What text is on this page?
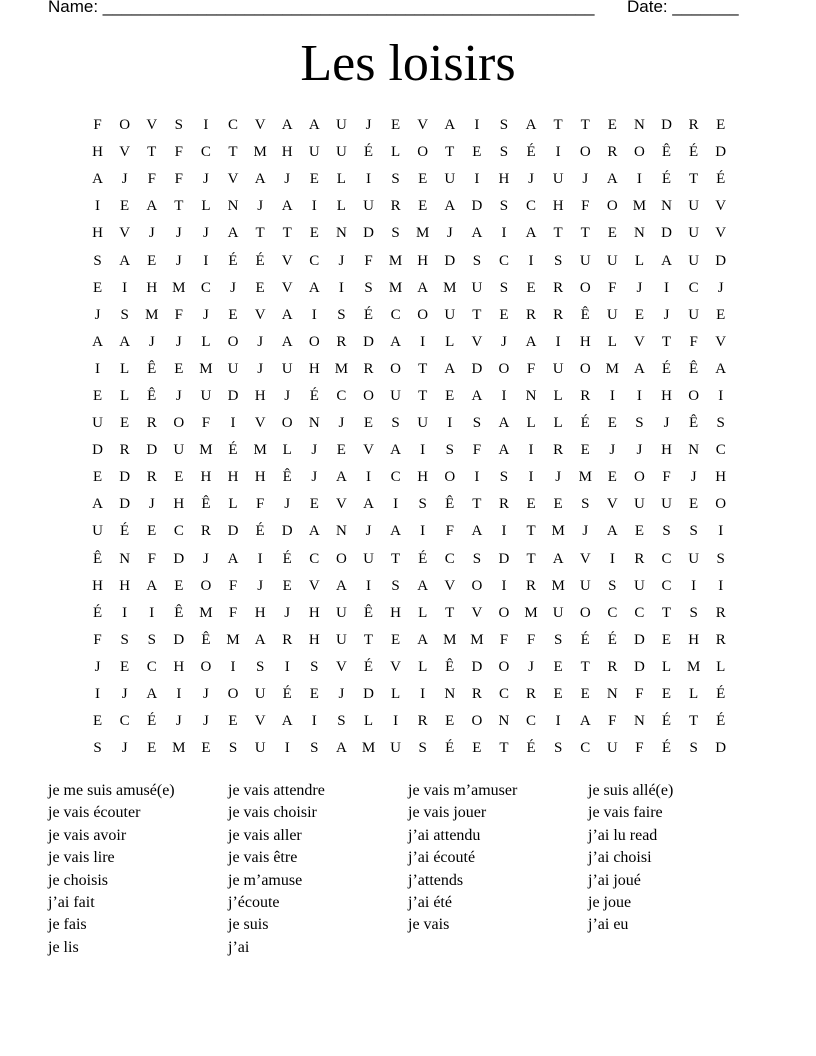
Name: ____________________________________________________ Date: _______
Les loisirs
F	O	V	S	I	C	V	A	A	U	J	E	V	A	I	S	A	T	T	E	N	D	R	E
H	V	T	F	C	T	M	H	U	U	É	L	O	T	E	S	É	I	O	R	O	Ê	É	D
A	J	F	F	J	V	A	J	E	L	I	S	E	U	I	H	J	U	J	A	I	É	T	É
I	E	A	T	L	N	J	A	I	L	U	R	E	A	D	S	C	H	F	O	M	N	U	V
H	V	J	J	J	A	T	T	E	N	D	S	M	J	A	I	A	T	T	E	N	D	U	V
S	A	E	J	I	É	É	V	C	J	F	M	H	D	S	C	I	S	U	U	L	A	U	D
E	I	H	M	C	J	E	V	A	I	S	M	A	M	U	S	E	R	O	F	J	I	C	J
J	S	M	F	J	E	V	A	I	S	É	C	O	U	T	E	R	R	Ê	U	E	J	U	E
A	A	J	J	L	O	J	A	O	R	D	A	I	L	V	J	A	I	H	L	V	T	F	V
I	L	Ê	E	M	U	J	U	H	M	R	O	T	A	D	O	F	U	O	M	A	É	Ê	A
E	L	Ê	J	U	D	H	J	É	C	O	U	T	E	A	I	N	L	R	I	I	H	O	I
U	E	R	O	F	I	V	O	N	J	E	S	U	I	S	A	L	L	É	E	S	J	Ê	S
D	R	D	U	M	É	M	L	J	E	V	A	I	S	F	A	I	R	E	J	J	H	N	C
E	D	R	E	H	H	H	Ê	J	A	I	C	H	O	I	S	I	J	M	E	O	F	J	H
A	D	J	H	Ê	L	F	J	E	V	A	I	S	Ê	T	R	E	E	S	V	U	U	E	O
U	É	E	C	R	D	É	D	A	N	J	A	I	F	A	I	T	M	J	A	E	S	S	I
Ê	N	F	D	J	A	I	É	C	O	U	T	É	C	S	D	T	A	V	I	R	C	U	S
H	H	A	E	O	F	J	E	V	A	I	S	A	V	O	I	R	M	U	S	U	C	I	I
É	I	I	Ê	M	F	H	J	H	U	Ê	H	L	T	V	O	M	U	O	C	C	T	S	R
F	S	S	D	Ê	M	A	R	H	U	T	E	A	M M	F	F	S	É	É	D	E	H	R
J	E	C	H	O	I	S	I	S	V	É	V	L	Ê	D	O	J	E	T	R	D	L	M	L
I	J	A	I	J	O	U	É	E	J	D	L	I	N	R	C	R	E	E	N	F	E	L	É
E	C	É	J	J	E	V	A	I	S	L	I	R	E	O	N	C	I	A	F	N	É	T	É
S	J	E	M	E	S	U	I	S	A	M	U	S	É	E	T	É	S	C	U	F	É	S	D
je me suis amusé(e)
je vais écouter
je vais avoir
je vais lire
je choisis
j’ai fait
je fais
je lis
je vais attendre
je vais choisir
je vais aller
je vais être
je m’amuse
j’écoute
je suis
j’ai
je vais m’amuser
je vais jouer
j’ai attendu
j’ai écouté
j’attends
j’ai été
je vais
je suis allé(e)
je vais faire
j’ai lu read
j’ai choisi
j’ai joué
je joue
j’ai eu
